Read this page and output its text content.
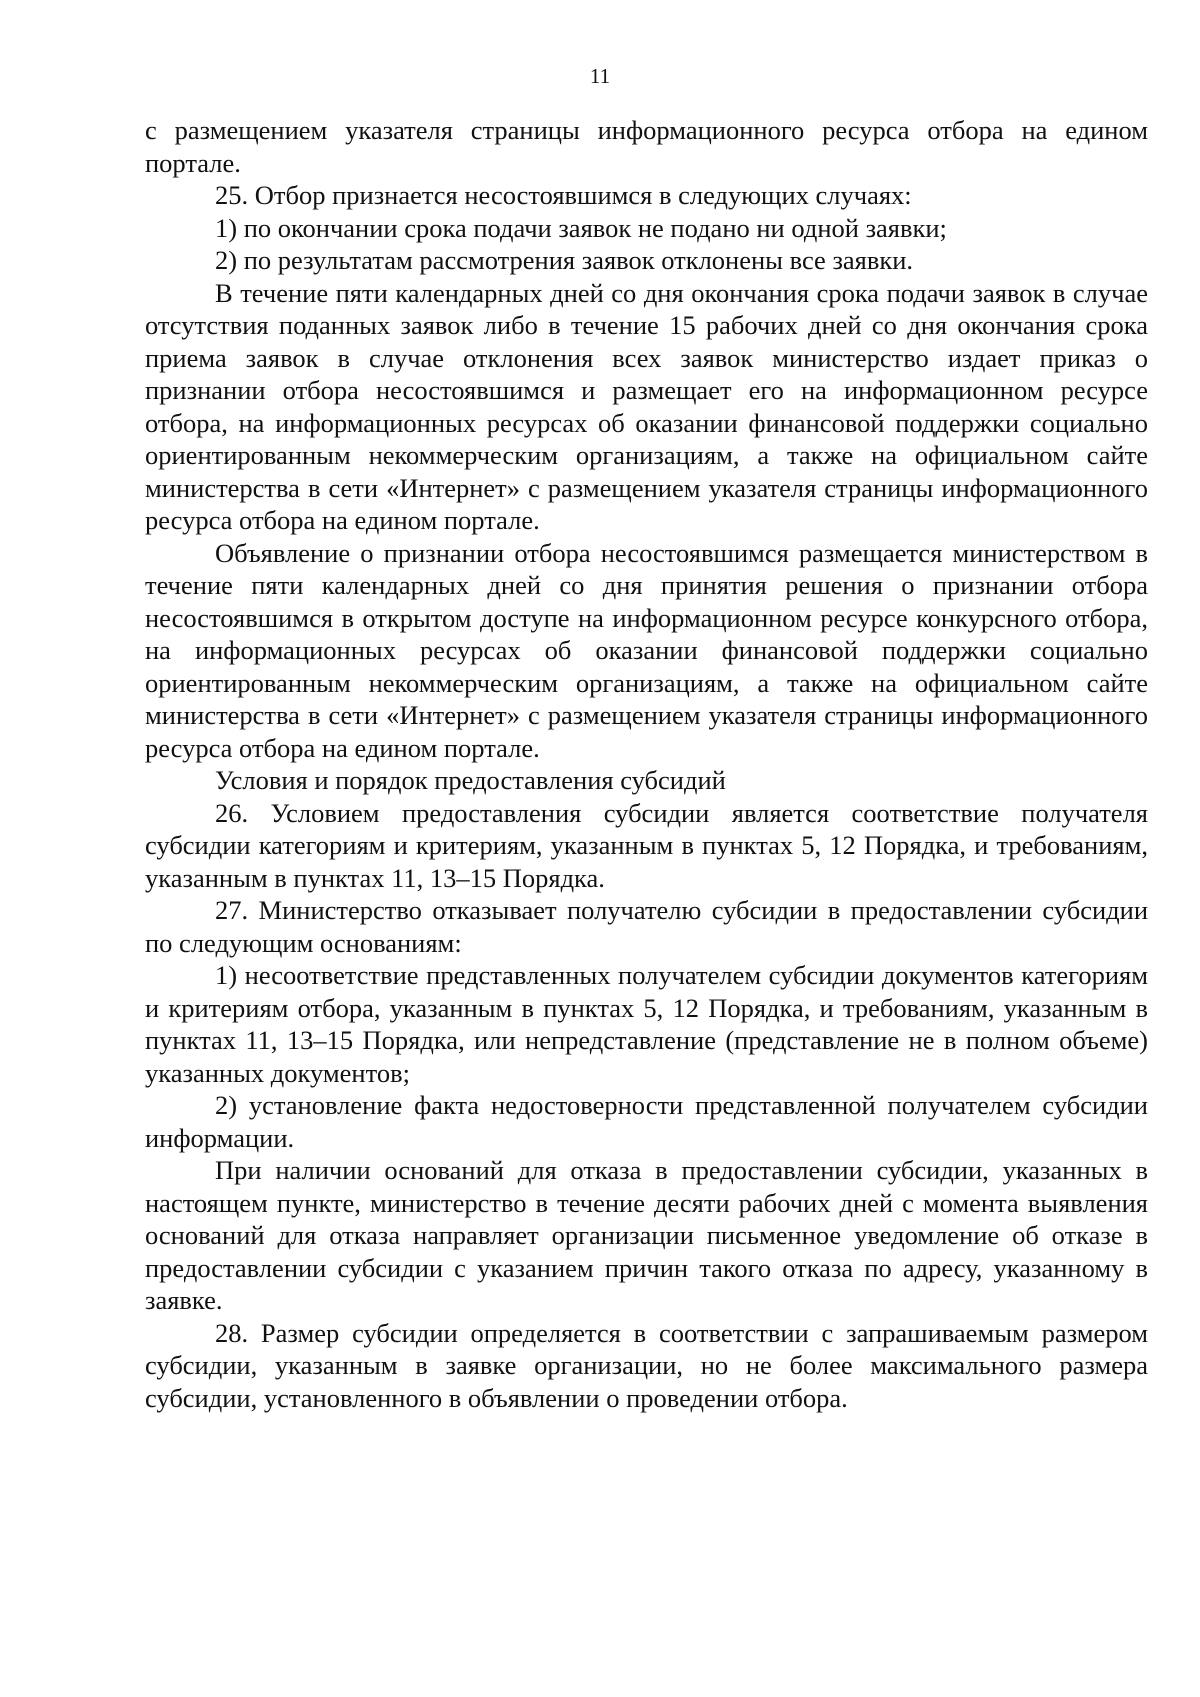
11

с размещением указателя страницы информационного ресурса отбора на едином портале.

25. Отбор признается несостоявшимся в следующих случаях:

1) по окончании срока подачи заявок не подано ни одной заявки;

2) по результатам рассмотрения заявок отклонены все заявки.

В течение пяти календарных дней со дня окончания срока подачи заявок в случае отсутствия поданных заявок либо в течение 15 рабочих дней со дня окончания срока приема заявок в случае отклонения всех заявок министерство издает приказ о признании отбора несостоявшимся и размещает его на информационном ресурсе отбора, на информационных ресурсах об оказании финансовой поддержки социально ориентированным некоммерческим организациям, а также на официальном сайте министерства в сети «Интернет» с размещением указателя страницы информационного ресурса отбора на едином портале.

Объявление о признании отбора несостоявшимся размещается министерством в течение пяти календарных дней со дня принятия решения о признании отбора несостоявшимся в открытом доступе на информационном ресурсе конкурсного отбора, на информационных ресурсах об оказании финансовой поддержки социально ориентированным некоммерческим организациям, а также на официальном сайте министерства в сети «Интернет» с размещением указателя страницы информационного ресурса отбора на едином портале.

Условия и порядок предоставления субсидий

26. Условием предоставления субсидии является соответствие получателя субсидии категориям и критериям, указанным в пунктах 5, 12 Порядка, и требованиям, указанным в пунктах 11, 13–15 Порядка.

27. Министерство отказывает получателю субсидии в предоставлении субсидии по следующим основаниям:

1) несоответствие представленных получателем субсидии документов категориям и критериям отбора, указанным в пунктах 5, 12 Порядка, и требованиям, указанным в пунктах 11, 13–15 Порядка, или непредставление (представление не в полном объеме) указанных документов;

2) установление факта недостоверности представленной получателем субсидии информации.

При наличии оснований для отказа в предоставлении субсидии, указанных в настоящем пункте, министерство в течение десяти рабочих дней с момента выявления оснований для отказа направляет организации письменное уведомление об отказе в предоставлении субсидии с указанием причин такого отказа по адресу, указанному в заявке.

28. Размер субсидии определяется в соответствии с запрашиваемым размером субсидии, указанным в заявке организации, но не более максимального размера субсидии, установленного в объявлении о проведении отбора.
